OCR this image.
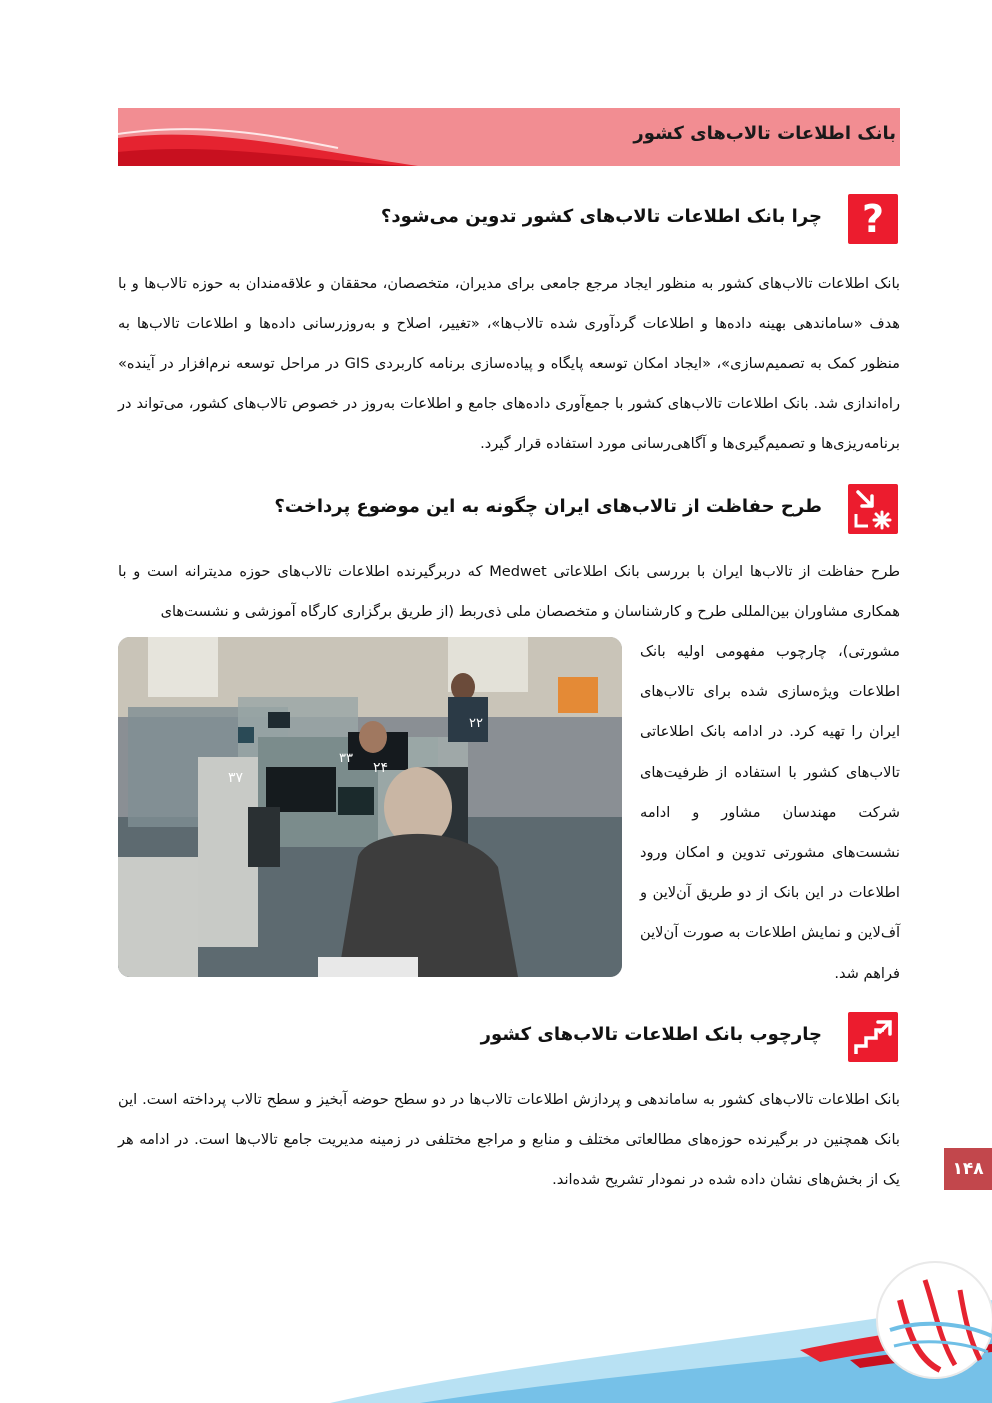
بانک اطلاعات تالاب‌های کشور
?
چرا بانک اطلاعات تالاب‌های کشور تدوین می‌شود؟
بانک اطلاعات تالاب‌های کشور به منظور ایجاد مرجع جامعی برای مدیران، متخصصان، محققان و علاقه‌مندان به حوزه تالاب‌ها و با هدف «ساماندهی بهینه داده‌ها و اطلاعات گردآوری شده تالاب‌ها»، «تغییر، اصلاح و به‌روزرسانی داده‌ها و اطلاعات تالاب‌ها به منظور کمک به تصمیم‌سازی»، «ایجاد امکان توسعه پایگاه و پیاده‌سازی برنامه کاربردی GIS در مراحل توسعه نرم‌افزار در آینده» راه‌اندازی شد. بانک اطلاعات تالاب‌های کشور با جمع‌آوری داده‌های جامع و اطلاعات به‌روز در خصوص تالاب‌های کشور، می‌تواند در برنامه‌ریزی‌ها و تصمیم‌گیری‌ها و آگاهی‌رسانی مورد استفاده قرار گیرد.
طرح حفاظت از تالاب‌های ایران چگونه به این موضوع پرداخت؟
طرح حفاظت از تالاب‌ها ایران با بررسی بانک اطلاعاتی Medwet که دربرگیرنده اطلاعات تالاب‌های حوزه مدیترانه است و با همکاری مشاوران بین‌المللی طرح و کارشناسان و متخصصان ملی ذی‌ربط (از طریق برگزاری کارگاه آموزشی و نشست‌های
مشورتی)، چارچوب مفهومی اولیه بانک اطلاعات ویژه‌سازی شده برای تالاب‌های ایران را تهیه کرد. در ادامه بانک اطلاعاتی تالاب‌های کشور با استفاده از ظرفیت‌های شرکت مهندسان مشاور و ادامه نشست‌های مشورتی تدوین و امکان ورود اطلاعات در این بانک از دو طریق آن‌لاین و آف‌لاین و نمایش اطلاعات به صورت آن‌لاین فراهم شد.
۳۷
۲۴
۲۲
۳۳
چارچوب بانک اطلاعات تالاب‌های کشور
بانک اطلاعات تالاب‌های کشور به ساماندهی و پردازش اطلاعات تالاب‌ها در دو سطح حوضه آبخیز و سطح تالاب پرداخته است. این بانک همچنین در برگیرنده حوزه‌های مطالعاتی مختلف و منابع و مراجع مختلفی در زمینه مدیریت جامع تالاب‌ها است. در ادامه هر یک از بخش‌های نشان داده شده در نمودار تشریح شده‌اند.
۱۴۸
